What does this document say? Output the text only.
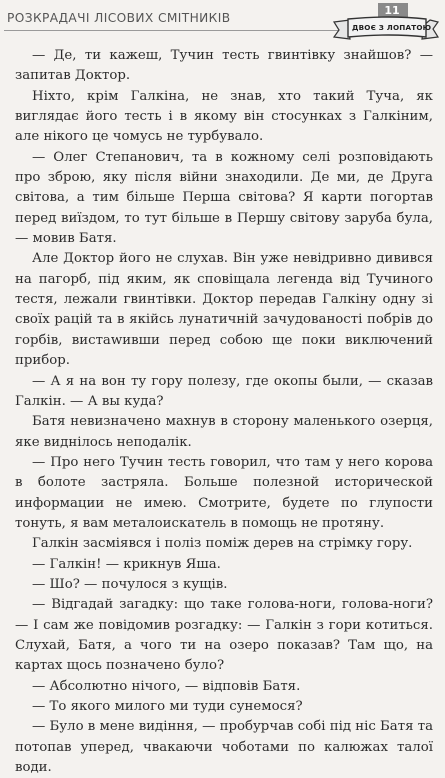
РОЗКРАДАЧІ ЛІСОВИХ СМІТНИКІВ
11
ДВОЄ З ЛОПАТОЮ

— Де, ти кажеш, Тучин тесть гвинтівку знайшов? — запитав Доктор.

Ніхто, крім Галкіна, не знав, хто такий Туча, як виглядає його тесть і в якому він стосунках з Галкіним, але нікого це чомусь не турбувало.

— Олег Степанович, та в кожному селі розповідають про зброю, яку після війни знаходили. Де ми, де Друга світова, а тим більше Перша світова? Я карти погортав перед виїздом, то тут більше в Першу світову заруба була, — мовив Батя.

Але Доктор його не слухав. Він уже невідривно дивився на пагорб, під яким, як сповіщала легенда від Тучиного тестя, лежали гвинтівки. Доктор передав Галкіну одну зі своїх рацій та в якійсь лунатичній зачудованості побрів до горбів, вистawивши перед собою ще поки виключений прибор.

— А я на вон ту гору полезу, где окопы были, — сказав Галкін. — А вы куда?

Батя невизначено махнув в сторону маленького озерця, яке виднілось неподалік.

— Про него Тучин тесть говорил, что там у него корова в болоте застряла. Больше полезной исторической информации не имею. Смотрите, будете по глупости тонуть, я вам металоискатель в помощь не протяну.

Галкін засміявся і поліз поміж дерев на стрімку гору.

— Галкін! — крикнув Яша.

— Шо? — почулося з кущів.

— Відгадай загадку: що таке голова-ноги, голова-ноги? — І сам же повідомив розгадку: — Галкін з гори котиться. Слухай, Батя, а чого ти на озеро показав? Там що, на картах щось позначено було?

— Абсолютно нічого, — відповів Батя.

— То якого милого ми туди сунемося?

— Було в мене видіння, — пробурчав собі під ніс Батя та потопав уперед, чвакаючи чоботами по калюжах талої води.
